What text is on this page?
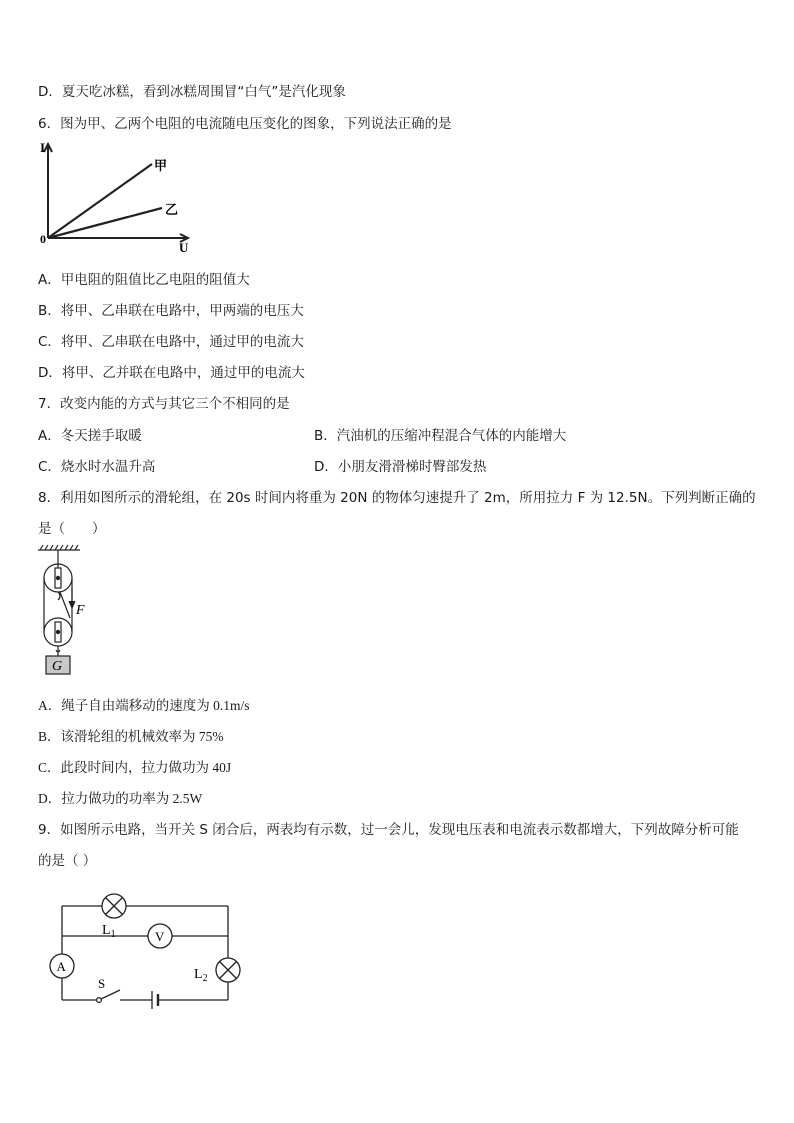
D．夏天吃冰糕，看到冰糕周围冒“白气”是汽化现象
6．图为甲、乙两个电阻的电流随电压变化的图象，下列说法正确的是
I
U
0
甲
乙
A．甲电阻的阻值比乙电阻的阻值大
B．将甲、乙串联在电路中，甲两端的电压大
C．将甲、乙串联在电路中，通过甲的电流大
D．将甲、乙并联在电路中，通过甲的电流大
7．改变内能的方式与其它三个不相同的是
A．冬天搓手取暖	B．汽油机的压缩冲程混合气体的内能增大
C．烧水时水温升高	D．小朋友滑滑梯时臀部发热
8．利用如图所示的滑轮组，在 20s 时间内将重为 20N 的物体匀速提升了 2m，所用拉力 F 为 12.5N。下列判断正确的
是（　　）
F
G
A．绳子自由端移动的速度为 0.1m/s
B．该滑轮组的机械效率为 75%
C．此段时间内，拉力做功为 40J
D．拉力做功的功率为 2.5W
9．如图所示电路，当开关 S 闭合后，两表均有示数，过一会儿，发现电压表和电流表示数都增大，下列故障分析可能
的是（ ）
A
V
$L_1$
$L_2$
S
